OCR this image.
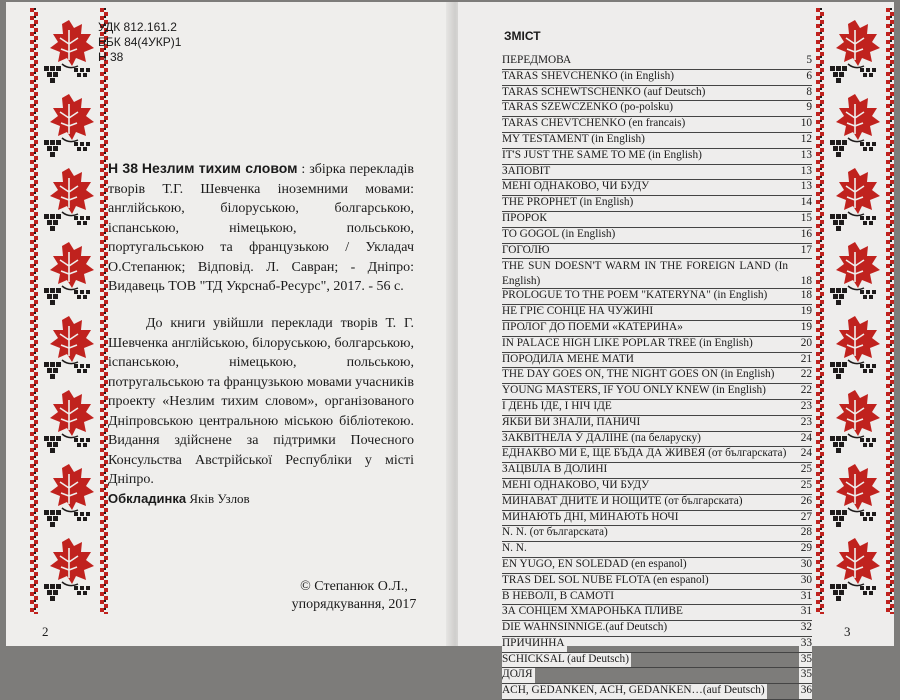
УДК 812.161.2
ББК 84(4УКР)1
Н 38
Н 38 Незлим тихим словом : збірка перекладів творів Т.Г. Шевченка іноземними мовами: англійською, білоруською, болгарською, іспанською, німецькою, польською, португальською та французькою / Укладач О.Степанюк; Відповід. Л. Савран; - Дніпро: Видавець ТОВ "ТД Укрснаб-Ресурс", 2017. - 56 с.
До книги увійшли переклади творів Т. Г. Шевченка англійською, білоруською, болгарською, іспанською, німецькою, польською, потругальською та французькою мовами учасників проекту «Незлим тихим словом», організованого Дніпровською центральною міською бібліотекою. Видання здійснене за підтримки Почесного Консульства Австрійської Республіки у місті Дніпро.
Обкладинка Яків Узлов
© Степанюк О.Л.,
упорядкування, 2017
2
ЗМІСТ
ПЕРЕДМОВА	5
TARAS SHEVCHENKO (in English)	6
TARAS SCHEWTSCHENKO (auf Deutsch)	8
TARAS SZEWCZENKO (po-polsku)	9
TARAS CHEVTCHENKO (en francais)	10
MY TESTAMENT (in English)	12
IT'S JUST THE SAME TO ME (in English)	13
ЗАПОВІТ	13
МЕНІ ОДНАКОВО, ЧИ БУДУ	13
THE PROPHET (in English)	14
ПРОРОК	15
TO GOGOL (in English)	16
ГОГОЛЮ	17
THE SUN DOESN'T WARM IN THE FOREIGN LAND (In English)	18
PROLOGUE TO THE POEM "KATERYNA" (in English)	18
НЕ ГРІЄ СОНЦЕ НА ЧУЖИНІ	19
ПРОЛОГ ДО ПОЕМИ «КАТЕРИНА»	19
IN PALACE HIGH LIKE POPLAR TREE (in English)	20
ПОРОДИЛА МЕНЕ МАТИ	21
THE DAY GOES ON, THE NIGHT GOES ON (in English) 22
YOUNG MASTERS, IF YOU ONLY KNEW (in English)	22
І ДЕНЬ ІДЕ, І НІЧ ІДЕ	23
ЯКБИ ВИ ЗНАЛИ, ПАНИЧІ	23
ЗАКВІТНЕЛА Ў ДАЛІНЕ (па беларуску)	24
ЕДНАКВО МИ Е, ЩЕ БЪДА ДА ЖИВЕЯ (от българската) 24
ЗАЦВІЛА В ДОЛИНІ	25
МЕНІ ОДНАКОВО, ЧИ БУДУ	25
МИНАВАТ ДНИТЕ И НОЩИТЕ (от българската)	26
МИНАЮТЬ ДНІ, МИНАЮТЬ НОЧІ	27
N. N. (от българската)	28
N. N.	29
EN YUGO, EN SOLEDAD (en espanol)	30
TRAS DEL SOL NUBE FLOTA (en espanol)	30
В НЕВОЛІ, В САМОТІ	31
ЗА СОНЦЕМ ХМАРОНЬКА ПЛИВЕ	31
DIE WAHNSINNIGE.(auf Deutsch)	32
ПРИЧИННА	33
SCHICKSAL (auf Deutsch)	35
ДОЛЯ	35
ACH, GEDANKEN, ACH, GEDANKEN…(auf Deutsch)	36
3
